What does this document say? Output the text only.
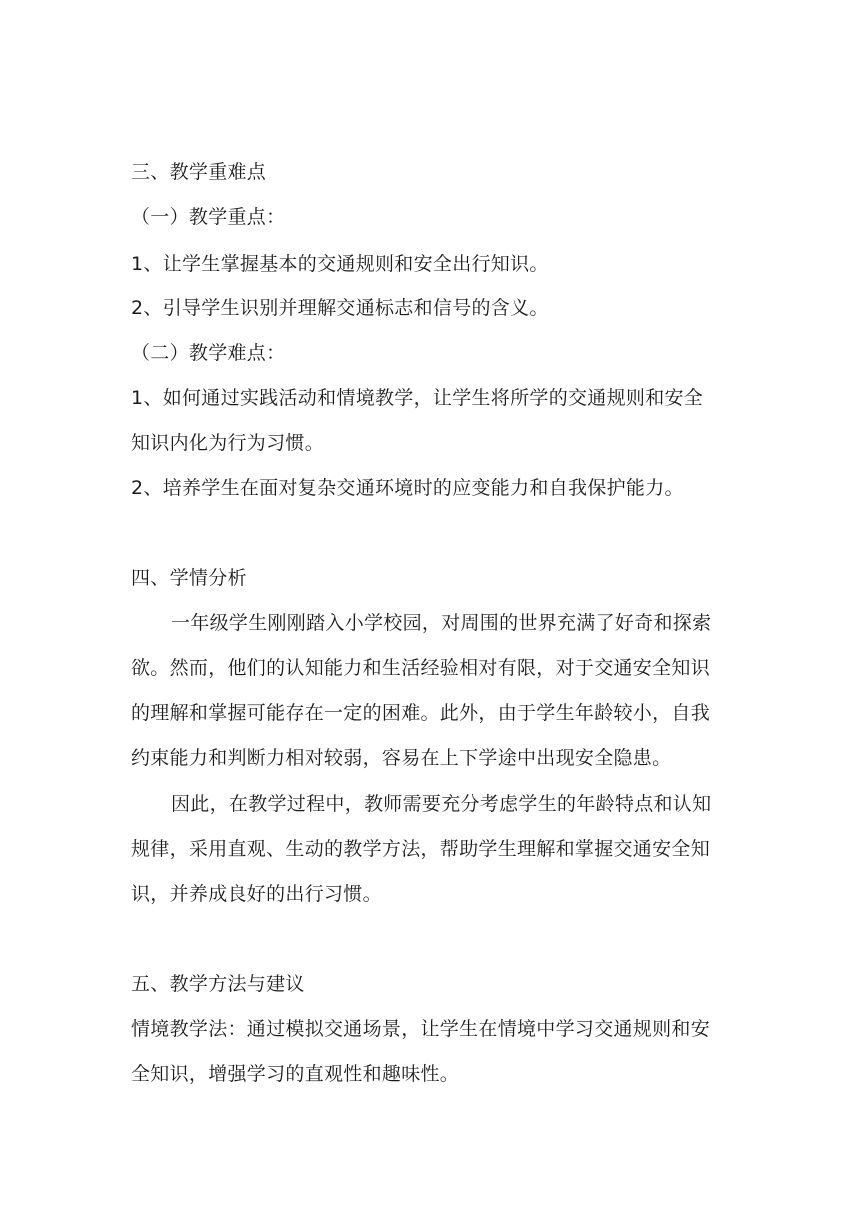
三、教学重难点
（一）教学重点：
1、让学生掌握基本的交通规则和安全出行知识。
2、引导学生识别并理解交通标志和信号的含义。
（二）教学难点：
1、如何通过实践活动和情境教学，让学生将所学的交通规则和安全
知识内化为行为习惯。
2、培养学生在面对复杂交通环境时的应变能力和自我保护能力。
四、学情分析
一年级学生刚刚踏入小学校园，对周围的世界充满了好奇和探索
欲。然而，他们的认知能力和生活经验相对有限，对于交通安全知识
的理解和掌握可能存在一定的困难。此外，由于学生年龄较小，自我
约束能力和判断力相对较弱，容易在上下学途中出现安全隐患。
因此，在教学过程中，教师需要充分考虑学生的年龄特点和认知
规律，采用直观、生动的教学方法，帮助学生理解和掌握交通安全知
识，并养成良好的出行习惯。
五、教学方法与建议
情境教学法：通过模拟交通场景，让学生在情境中学习交通规则和安
全知识，增强学习的直观性和趣味性。
